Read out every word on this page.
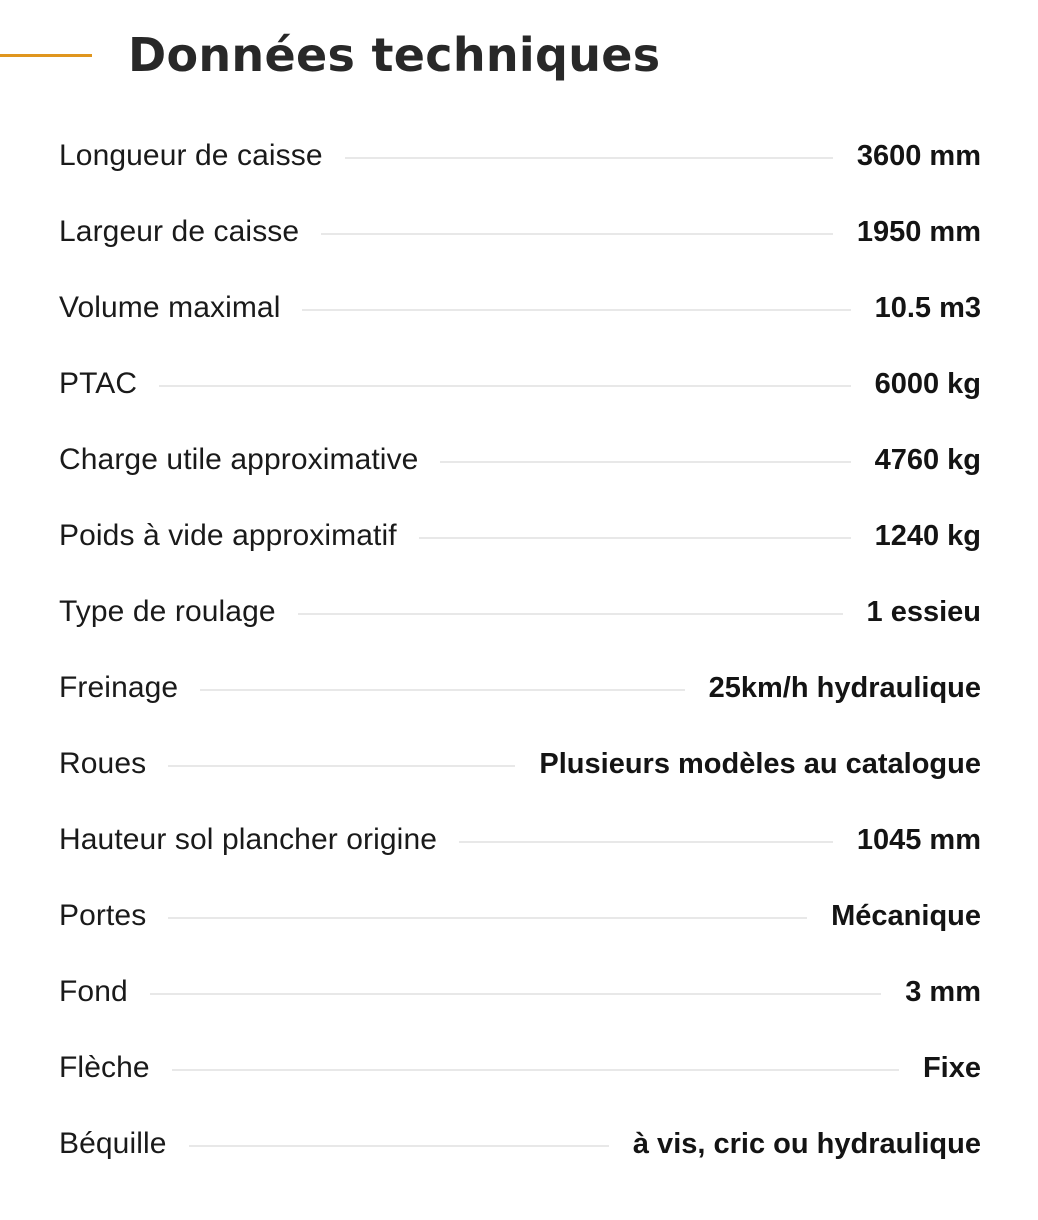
Données techniques
Longueur de caisse	3600 mm
Largeur de caisse	1950 mm
Volume maximal	10.5 m3
PTAC	6000 kg
Charge utile approximative	4760 kg
Poids à vide approximatif	1240 kg
Type de roulage	1 essieu
Freinage	25km/h hydraulique
Roues	Plusieurs modèles au catalogue
Hauteur sol plancher origine	1045 mm
Portes	Mécanique
Fond	3 mm
Flèche	Fixe
Béquille	à vis, cric ou hydraulique
